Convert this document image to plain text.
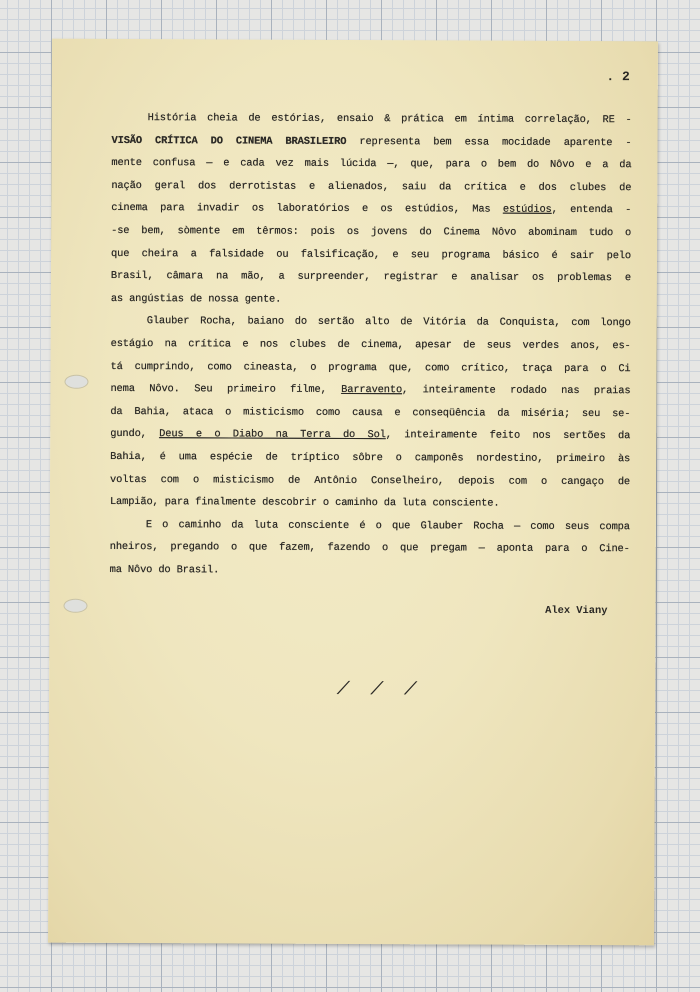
. 2

História cheia de estórias, ensaio & prática em íntima correlação, RE -

VISÃO CRÍTICA DO CINEMA BRASILEIRO representa bem essa mocidade aparente -

mente confusa — e cada vez mais lúcida —, que, para o bem do Nôvo e a da

nação geral dos derrotistas e alienados, saiu da crítica e dos clubes de

cinema para invadir os laboratórios e os estúdios, Mas estúdios, entenda -

-se bem, sòmente em têrmos: pois os jovens do Cinema Nôvo abominam tudo o

que cheira a falsidade ou falsificação, e seu programa básico é sair pelo

Brasil, câmara na mão, a surpreender, registrar e analisar os problemas e

as angústias de nossa gente.

Glauber Rocha, baiano do sertão alto de Vitória da Conquista, com longo

estágio na crítica e nos clubes de cinema, apesar de seus verdes anos, es-

tá cumprindo, como cineasta, o programa que, como crítico, traça para o Ci

nema Nôvo. Seu primeiro filme, Barravento, inteiramente rodado nas praias

da Bahia, ataca o misticismo como causa e conseqüência da miséria; seu se-

gundo, Deus e o Diabo na Terra do Sol, inteiramente feito nos sertões da

Bahia, é uma espécie de tríptico sôbre o camponês nordestino, primeiro às

voltas com o misticismo de Antônio Conselheiro, depois com o cangaço de

Lampião, para finalmente descobrir o caminho da luta consciente.

E o caminho da luta consciente é o que Glauber Rocha — como seus compa

nheiros, pregando o que fazem, fazendo o que pregam — aponta para o Cine-

ma Nôvo do Brasil.

Alex Viany
/ / /
